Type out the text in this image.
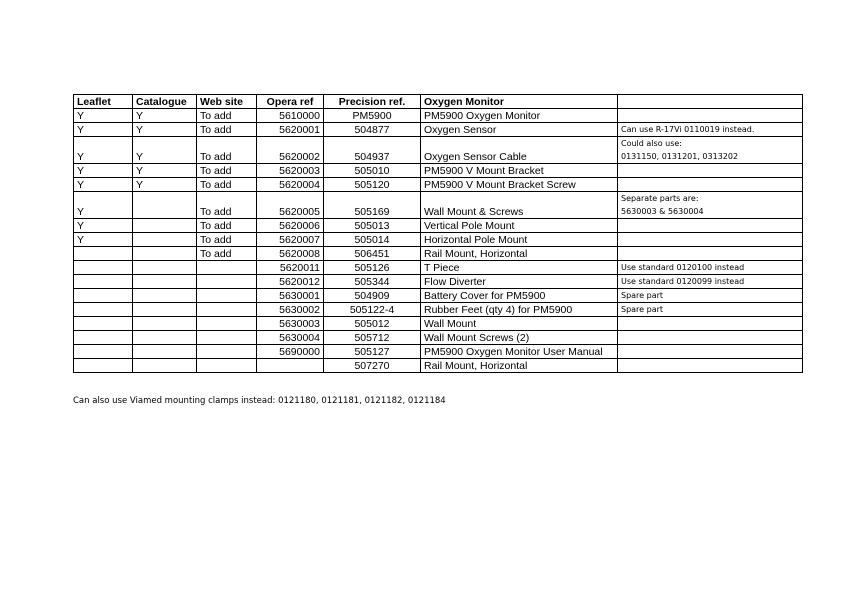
Leaflet	Catalogue	Web site	Opera ref	Precision ref.	Oxygen Monitor	
Y	Y	To add	5610000	PM5900	PM5900 Oxygen Monitor	
Y	Y	To add	5620001	504877	Oxygen Sensor	Can use R-17Vi 0110019 instead.

Y	Y	To add	5620002	504937	Oxygen Sensor Cable	Could also use:
0131150, 0131201, 0313202

Y	Y	To add	5620003	505010	PM5900 V Mount Bracket	
Y	Y	To add	5620004	505120	PM5900 V Mount Bracket Screw	
Y		To add	5620005	505169	Wall Mount & Screws	Separate parts are:
5630003 & 5630004

Y		To add	5620006	505013	Vertical Pole Mount	
Y		To add	5620007	505014	Horizontal Pole Mount	
		To add	5620008	506451	Rail Mount, Horizontal	
			5620011	505126	T Piece	Use standard 0120100 instead

			5620012	505344	Flow Diverter	Use standard 0120099 instead

			5630001	504909	Battery Cover for PM5900	Spare part

			5630002	505122-4	Rubber Feet (qty 4) for PM5900	Spare part

			5630003	505012	Wall Mount	
			5630004	505712	Wall Mount Screws (2)	
			5690000	505127	PM5900 Oxygen Monitor User Manual	
				507270	Rail Mount, Horizontal	
Can also use Viamed mounting clamps instead: 0121180, 0121181, 0121182, 0121184
